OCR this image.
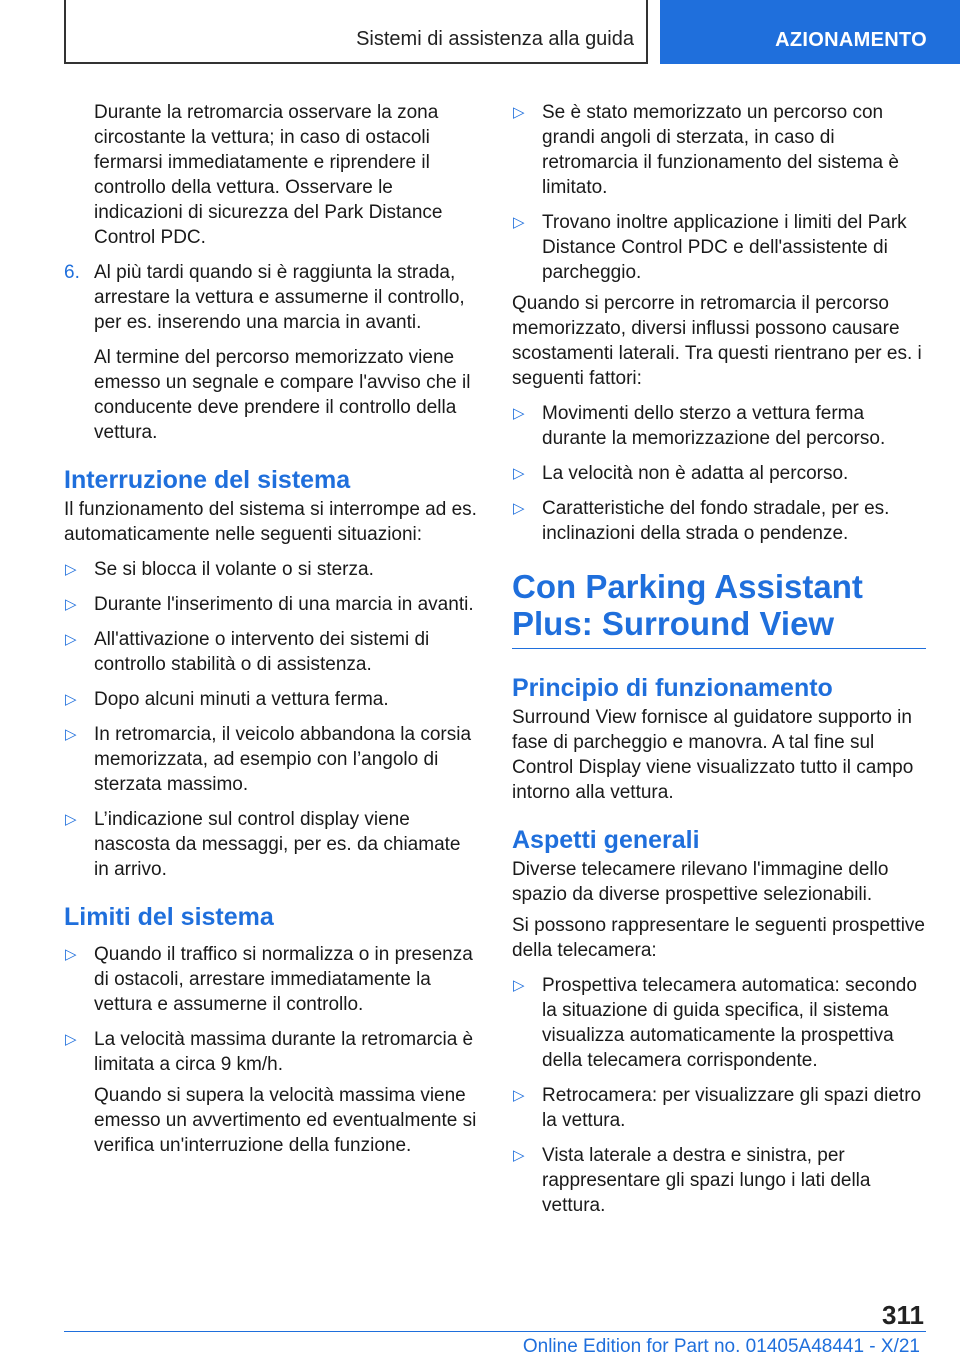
Sistemi di assistenza alla guida	AZIONAMENTO

Durante la retromarcia osservare la zona circostante la vettura; in caso di ostacoli fermarsi immediatamente e riprendere il controllo della vettura. Osservare le indicazioni di sicurezza del Park Distance Control PDC.

6. Al più tardi quando si è raggiunta la strada, arrestare la vettura e assumerne il controllo, per es. inserendo una marcia in avanti.

Al termine del percorso memorizzato viene emesso un segnale e compare l'avviso che il conducente deve prendere il controllo della vettura.

Interruzione del sistema

Il funzionamento del sistema si interrompe ad es. automaticamente nelle seguenti situazioni:

▷ Se si blocca il volante o si sterza.
▷ Durante l'inserimento di una marcia in avanti.
▷ All'attivazione o intervento dei sistemi di controllo stabilità o di assistenza.
▷ Dopo alcuni minuti a vettura ferma.
▷ In retromarcia, il veicolo abbandona la corsia memorizzata, ad esempio con l’angolo di sterzata massimo.
▷ L’indicazione sul control display viene nascosta da messaggi, per es. da chiamate in arrivo.
Limiti del sistema
▷ Quando il traffico si normalizza o in presenza di ostacoli, arrestare immediatamente la vettura e assumerne il controllo.
▷ La velocità massima durante la retromarcia è limitata a circa 9 km/h.

Quando si supera la velocità massima viene emesso un avvertimento ed eventualmente si verifica un'interruzione della funzione.

▷ Se è stato memorizzato un percorso con grandi angoli di sterzata, in caso di retromarcia il funzionamento del sistema è limitato.
▷ Trovano inoltre applicazione i limiti del Park Distance Control PDC e dell'assistente di parcheggio.

Quando si percorre in retromarcia il percorso memorizzato, diversi influssi possono causare scostamenti laterali. Tra questi rientrano per es. i seguenti fattori:

▷ Movimenti dello sterzo a vettura ferma durante la memorizzazione del percorso.
▷ La velocità non è adatta al percorso.
▷ Caratteristiche del fondo stradale, per es. inclinazioni della strada o pendenze.
Con Parking Assistant Plus: Surround View
Principio di funzionamento

Surround View fornisce al guidatore supporto in fase di parcheggio e manovra. A tal fine sul Control Display viene visualizzato tutto il campo intorno alla vettura.

Aspetti generali

Diverse telecamere rilevano l'immagine dello spazio da diverse prospettive selezionabili.

Si possono rappresentare le seguenti prospettive della telecamera:

▷ Prospettiva telecamera automatica: secondo la situazione di guida specifica, il sistema visualizza automaticamente la prospettiva della telecamera corrispondente.
▷ Retrocamera: per visualizzare gli spazi dietro la vettura.
▷ Vista laterale a destra e sinistra, per rappresentare gli spazi lungo i lati della vettura.
311
Online Edition for Part no. 01405A48441 - X/21
